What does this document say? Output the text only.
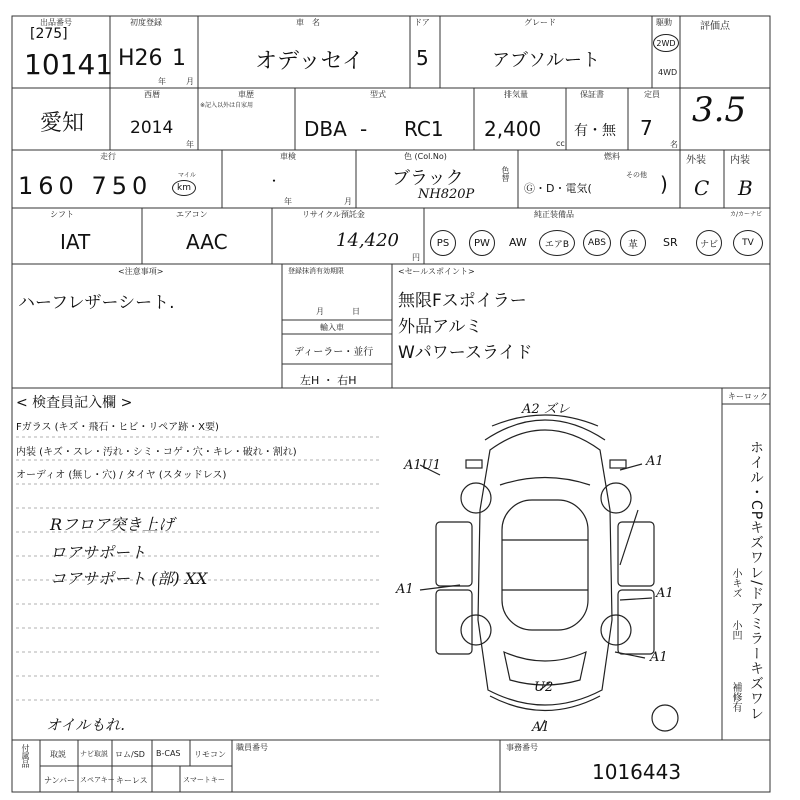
出品番号
[275]
10141
初度登録
H26 1
年	月
車　名
オデッセイ
ドア
5
グレード
アブソルート
駆動
2WD
4WD
評価点
3.5
愛知
西暦
2014
年
車歴
※記入以外は自家用
型式
DBA - RC1
排気量
2,400
cc
保証書
有・無
定員
7
名
走行
160 750	マイル
km
車検
・
年	月
色 (Col.No)
ブラック
NH820P
色替
燃料
Ⓖ・D・電気(
その他 )
外装
C
内装
B
シフト
IAT
エアコン
AAC
リサイクル預託金
14,420
円
純正装備品	カ/カーナビ
PS	PW	AW	エアB	ABS	革	SR	ナビ	TV
<注意事項>
ハーフレザーシート.
登録抹消有効期限
月	日
輸入車
ディーラー・並行
左H ・ 右H
<セールスポイント>
無限Fスポイラー
外品アルミ
Wパワースライド
< 検査員記入欄 >
Fガラス (キズ・飛石・ヒビ・リペア跡・X要)
内装 (キズ・スレ・汚れ・シミ・コゲ・穴・キレ・破れ・割れ)
オーディオ (無し・穴) / タイヤ (スタッドレス)
Rフロア突き上げ
ロアサポート
コアサポート (部) XX
オイルもれ.
A2 ズレ
A1U1	A1
A1	A1
A1
U2
A1
キーロック
ホイル・CPキズワレ/ドアミラーキズワレ
小キズ
小凹
補修有
付属品	取説 ナビ取説 ロム/SD B-CAS リモコン
ナンバー スペアキー キーレス	スマートキー
職員番号	事務番号
1016443
